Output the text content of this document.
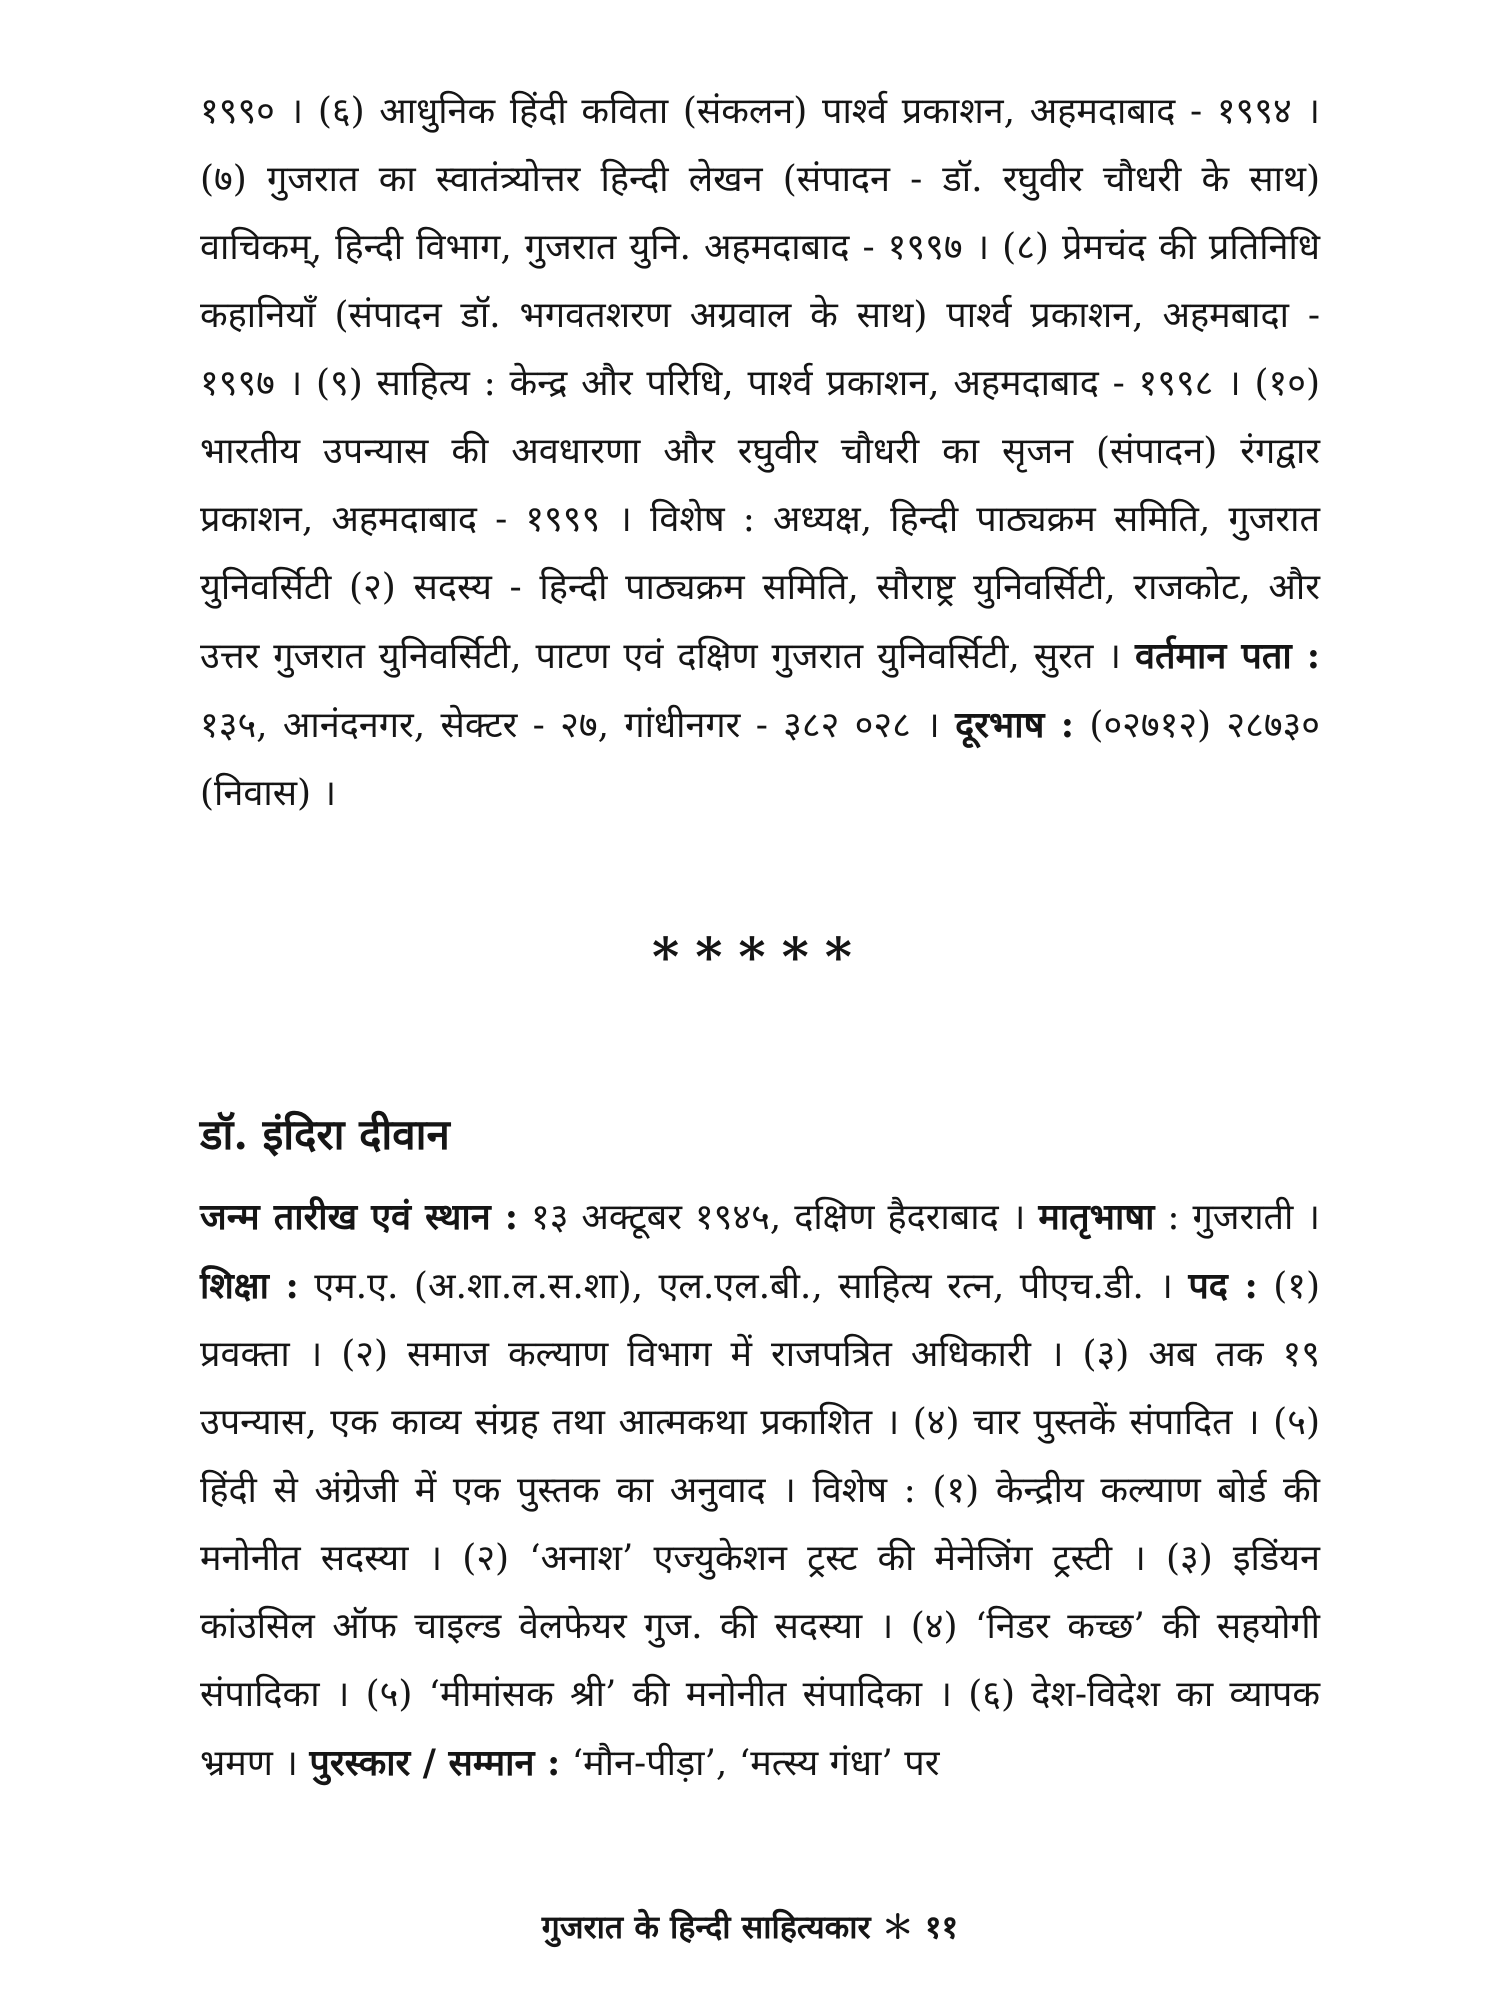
१९९० । (६) आधुनिक हिंदी कविता (संकलन) पार्श्व प्रकाशन, अहमदाबाद - १९९४ । (७) गुजरात का स्वातंत्र्योत्तर हिन्दी लेखन (संपादन - डॉ. रघुवीर चौधरी के साथ) वाचिकम्, हिन्दी विभाग, गुजरात युनि. अहमदाबाद - १९९७ । (८) प्रेमचंद की प्रतिनिधि कहानियाँ (संपादन डॉ. भगवतशरण अग्रवाल के साथ) पार्श्व प्रकाशन, अहमबादा - १९९७ । (९) साहित्य : केन्द्र और परिधि, पार्श्व प्रकाशन, अहमदाबाद - १९९८ । (१०) भारतीय उपन्यास की अवधारणा और रघुवीर चौधरी का सृजन (संपादन) रंगद्वार प्रकाशन, अहमदाबाद - १९९९ । विशेष : अध्यक्ष, हिन्दी पाठ्यक्रम समिति, गुजरात युनिवर्सिटी (२) सदस्य - हिन्दी पाठ्यक्रम समिति, सौराष्ट्र युनिवर्सिटी, राजकोट, और उत्तर गुजरात युनिवर्सिटी, पाटण एवं दक्षिण गुजरात युनिवर्सिटी, सुरत । वर्तमान पता : १३५, आनंदनगर, सेक्टर - २७, गांधीनगर - ३८२ ०२८ । दूरभाष : (०२७१२) २८७३० (निवास) ।

*****
डॉ. इंदिरा दीवान

जन्म तारीख एवं स्थान : १३ अक्टूबर १९४५, दक्षिण हैदराबाद । मातृभाषा : गुजराती । शिक्षा : एम.ए. (अ.शा.ल.स.शा), एल.एल.बी., साहित्य रत्न, पीएच.डी. । पद : (१) प्रवक्ता । (२) समाज कल्याण विभाग में राजपत्रित अधिकारी । (३) अब तक १९ उपन्यास, एक काव्य संग्रह तथा आत्मकथा प्रकाशित । (४) चार पुस्तकें संपादित । (५) हिंदी से अंग्रेजी में एक पुस्तक का अनुवाद । विशेष : (१) केन्द्रीय कल्याण बोर्ड की मनोनीत सदस्या । (२) ‘अनाश’ एज्युकेशन ट्रस्ट की मेनेजिंग ट्रस्टी । (३) इडिंयन कांउसिल ऑफ चाइल्ड वेलफेयर गुज. की सदस्या । (४) ‘निडर कच्छ’ की सहयोगी संपादिका । (५) ‘मीमांसक श्री’ की मनोनीत संपादिका । (६) देश-विदेश का व्यापक भ्रमण । पुरस्कार / सम्मान : ‘मौन-पीड़ा’, ‘मत्स्य गंधा’ पर

गुजरात के हिन्दी साहित्यकार ＊ ११
